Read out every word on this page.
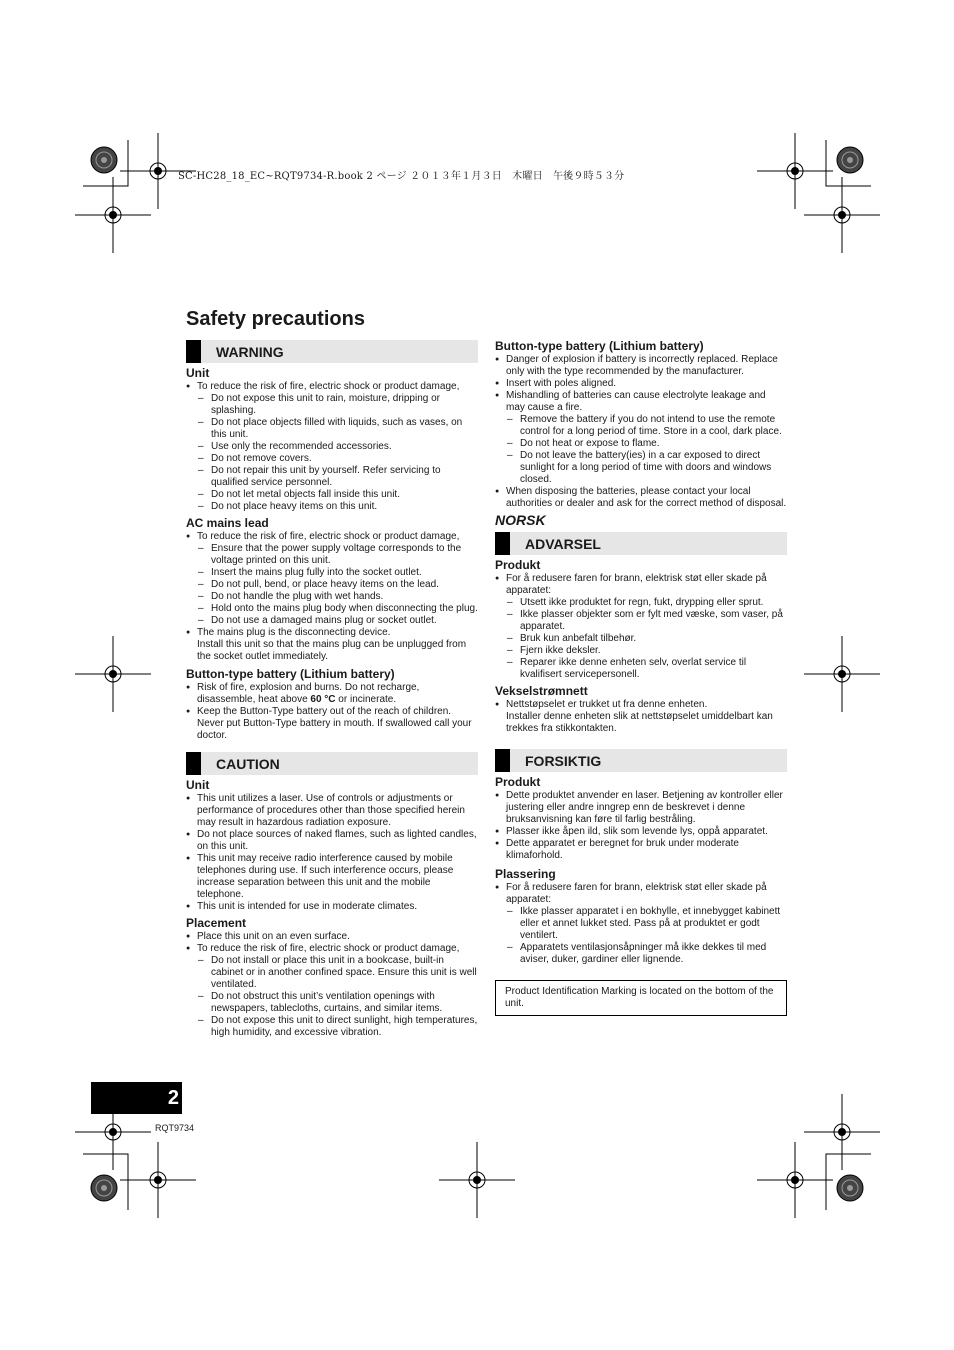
SC-HC28_18_EC~RQT9734-R.book 2 ページ ２０１３年１月３日　木曜日　午後９時５３分
Safety precautions
WARNING
Unit
● To reduce the risk of fire, electric shock or product damage,
– Do not expose this unit to rain, moisture, dripping or splashing.
– Do not place objects filled with liquids, such as vases, on this unit.
– Use only the recommended accessories.
– Do not remove covers.
– Do not repair this unit by yourself. Refer servicing to qualified service personnel.
– Do not let metal objects fall inside this unit.
– Do not place heavy items on this unit.
AC mains lead
● To reduce the risk of fire, electric shock or product damage,
– Ensure that the power supply voltage corresponds to the voltage printed on this unit.
– Insert the mains plug fully into the socket outlet.
– Do not pull, bend, or place heavy items on the lead.
– Do not handle the plug with wet hands.
– Hold onto the mains plug body when disconnecting the plug.
– Do not use a damaged mains plug or socket outlet.
● The mains plug is the disconnecting device.
Install this unit so that the mains plug can be unplugged from the socket outlet immediately.
Button-type battery (Lithium battery)
● Risk of fire, explosion and burns. Do not recharge, disassemble, heat above 60 °C or incinerate.
● Keep the Button-Type battery out of the reach of children. Never put Button-Type battery in mouth. If swallowed call your doctor.
CAUTION
Unit
● This unit utilizes a laser. Use of controls or adjustments or performance of procedures other than those specified herein may result in hazardous radiation exposure.
● Do not place sources of naked flames, such as lighted candles, on this unit.
● This unit may receive radio interference caused by mobile telephones during use. If such interference occurs, please increase separation between this unit and the mobile telephone.
● This unit is intended for use in moderate climates.
Placement
● Place this unit on an even surface.
● To reduce the risk of fire, electric shock or product damage,
– Do not install or place this unit in a bookcase, built-in cabinet or in another confined space. Ensure this unit is well ventilated.
– Do not obstruct this unit’s ventilation openings with newspapers, tablecloths, curtains, and similar items.
– Do not expose this unit to direct sunlight, high temperatures, high humidity, and excessive vibration.
Button-type battery (Lithium battery)
● Danger of explosion if battery is incorrectly replaced. Replace only with the type recommended by the manufacturer.
● Insert with poles aligned.
● Mishandling of batteries can cause electrolyte leakage and may cause a fire.
– Remove the battery if you do not intend to use the remote control for a long period of time. Store in a cool, dark place.
– Do not heat or expose to flame.
– Do not leave the battery(ies) in a car exposed to direct sunlight for a long period of time with doors and windows closed.
● When disposing the batteries, please contact your local authorities or dealer and ask for the correct method of disposal.

NORSK

ADVARSEL
Produkt
● For å redusere faren for brann, elektrisk støt eller skade på apparatet:
– Utsett ikke produktet for regn, fukt, drypping eller sprut.
– Ikke plasser objekter som er fylt med væske, som vaser, på apparatet.
– Bruk kun anbefalt tilbehør.
– Fjern ikke deksler.
– Reparer ikke denne enheten selv, overlat service til kvalifisert servicepersonell.
Vekselstrømnett
● Nettstøpselet er trukket ut fra denne enheten.
Installer denne enheten slik at nettstøpselet umiddelbart kan trekkes fra stikkontakten.
FORSIKTIG
Produkt
● Dette produktet anvender en laser. Betjening av kontroller eller justering eller andre inngrep enn de beskrevet i denne bruksanvisning kan føre til farlig bestråling.
● Plasser ikke åpen ild, slik som levende lys, oppå apparatet.
● Dette apparatet er beregnet for bruk under moderate klimaforhold.
Plassering
● For å redusere faren for brann, elektrisk støt eller skade på apparatet:
– Ikke plasser apparatet i en bokhylle, et innebygget kabinett eller et annet lukket sted. Pass på at produktet er godt ventilert.
– Apparatets ventilasjonsåpninger må ikke dekkes til med aviser, duker, gardiner eller lignende.
Product Identification Marking is located on the bottom of the unit.
2
RQT9734
